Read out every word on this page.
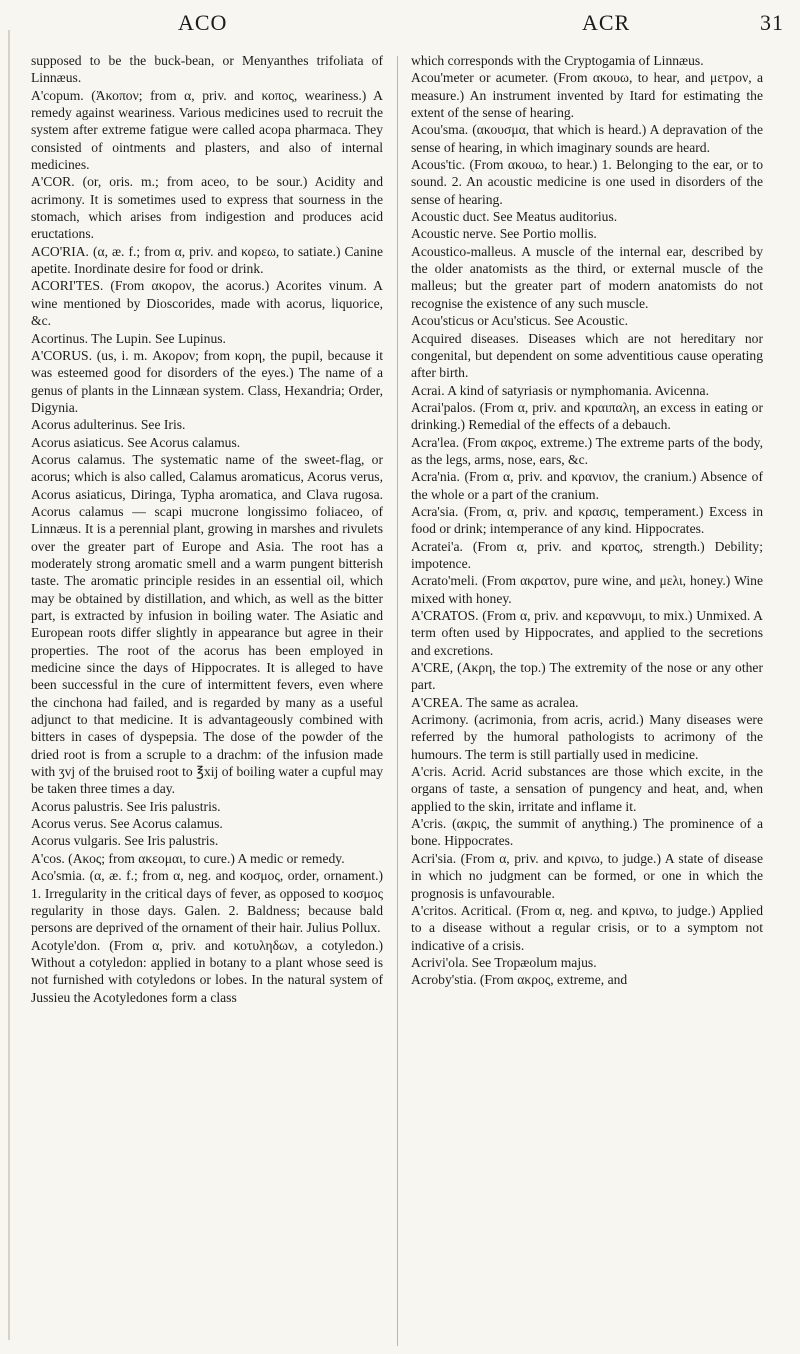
ACO	ACR	31

supposed to be the buck-bean, or Menyanthes trifoliata of Linnæus.

A'copum. (Ἀκοπον; from α, priv. and κοπος, weariness.) A remedy against weariness. Various medicines used to recruit the system after extreme fatigue were called acopa pharmaca. They consisted of ointments and plasters, and also of internal medicines.

A'COR. (or, oris. m.; from aceo, to be sour.) Acidity and acrimony. It is sometimes used to express that sourness in the stomach, which arises from indigestion and produces acid eructations.

ACO'RIA. (α, æ. f.; from α, priv. and κορεω, to satiate.) Canine apetite. Inordinate desire for food or drink.

ACORI'TES. (From ακορον, the acorus.) Acorites vinum. A wine mentioned by Dioscorides, made with acorus, liquorice, &c.

Acortinus. The Lupin. See Lupinus.

A'CORUS. (us, i. m. Ακορον; from κορη, the pupil, because it was esteemed good for disorders of the eyes.) The name of a genus of plants in the Linnæan system. Class, Hexandria; Order, Digynia.

Acorus adulterinus. See Iris.

Acorus asiaticus. See Acorus calamus.

Acorus calamus. The systematic name of the sweet-flag, or acorus; which is also called, Calamus aromaticus, Acorus verus, Acorus asiaticus, Diringa, Typha aromatica, and Clava rugosa. Acorus calamus — scapi mucrone longissimo foliaceo, of Linnæus. It is a perennial plant, growing in marshes and rivulets over the greater part of Europe and Asia. The root has a moderately strong aromatic smell and a warm pungent bitterish taste. The aromatic principle resides in an essential oil, which may be obtained by distillation, and which, as well as the bitter part, is extracted by infusion in boiling water. The Asiatic and European roots differ slightly in appearance but agree in their properties. The root of the acorus has been employed in medicine since the days of Hippocrates. It is alleged to have been successful in the cure of intermittent fevers, even where the cinchona had failed, and is regarded by many as a useful adjunct to that medicine. It is advantageously combined with bitters in cases of dyspepsia. The dose of the powder of the dried root is from a scruple to a drachm: of the infusion made with ʒvj of the bruised root to ℥xij of boiling water a cupful may be taken three times a day.

Acorus palustris. See Iris palustris.

Acorus verus. See Acorus calamus.

Acorus vulgaris. See Iris palustris.

A'cos. (Ακος; from ακεομαι, to cure.) A medic or remedy.

Aco'smia. (α, æ. f.; from α, neg. and κοσμος, order, ornament.) 1. Irregularity in the critical days of fever, as opposed to κοσμος regularity in those days. Galen. 2. Baldness; because bald persons are deprived of the ornament of their hair. Julius Pollux.

Acotyle'don. (From α, priv. and κοτυληδων, a cotyledon.) Without a cotyledon: applied in botany to a plant whose seed is not furnished with cotyledons or lobes. In the natural system of Jussieu the Acotyledones form a class

which corresponds with the Cryptogamia of Linnæus.

Acou'meter or acumeter. (From ακουω, to hear, and μετρον, a measure.) An instrument invented by Itard for estimating the extent of the sense of hearing.

Acou'sma. (ακουσμα, that which is heard.) A depravation of the sense of hearing, in which imaginary sounds are heard.

Acous'tic. (From ακουω, to hear.) 1. Belonging to the ear, or to sound. 2. An acoustic medicine is one used in disorders of the sense of hearing.

Acoustic duct. See Meatus auditorius.

Acoustic nerve. See Portio mollis.

Acoustico-malleus. A muscle of the internal ear, described by the older anatomists as the third, or external muscle of the malleus; but the greater part of modern anatomists do not recognise the existence of any such muscle.

Acou'sticus or Acu'sticus. See Acoustic.

Acquired diseases. Diseases which are not hereditary nor congenital, but dependent on some adventitious cause operating after birth.

Acrai. A kind of satyriasis or nymphomania. Avicenna.

Acrai'palos. (From α, priv. and κραιπαλη, an excess in eating or drinking.) Remedial of the effects of a debauch.

Acra'lea. (From ακρος, extreme.) The extreme parts of the body, as the legs, arms, nose, ears, &c.

Acra'nia. (From α, priv. and κρανιον, the cranium.) Absence of the whole or a part of the cranium.

Acra'sia. (From, α, priv. and κρασις, temperament.) Excess in food or drink; intemperance of any kind. Hippocrates.

Acratei'a. (From α, priv. and κρατος, strength.) Debility; impotence.

Acrato'meli. (From ακρατον, pure wine, and μελι, honey.) Wine mixed with honey.

A'CRATOS. (From α, priv. and κεραννυμι, to mix.) Unmixed. A term often used by Hippocrates, and applied to the secretions and excretions.

A'CRE, (Ακρη, the top.) The extremity of the nose or any other part.

A'CREA. The same as acralea.

Acrimony. (acrimonia, from acris, acrid.) Many diseases were referred by the humoral pathologists to acrimony of the humours. The term is still partially used in medicine.

A'cris. Acrid. Acrid substances are those which excite, in the organs of taste, a sensation of pungency and heat, and, when applied to the skin, irritate and inflame it.

A'cris. (ακρις, the summit of anything.) The prominence of a bone. Hippocrates.

Acri'sia. (From α, priv. and κρινω, to judge.) A state of disease in which no judgment can be formed, or one in which the prognosis is unfavourable.

A'critos. Acritical. (From α, neg. and κρινω, to judge.) Applied to a disease without a regular crisis, or to a symptom not indicative of a crisis.

Acrivi'ola. See Tropæolum majus.

Acroby'stia. (From ακρος, extreme, and
